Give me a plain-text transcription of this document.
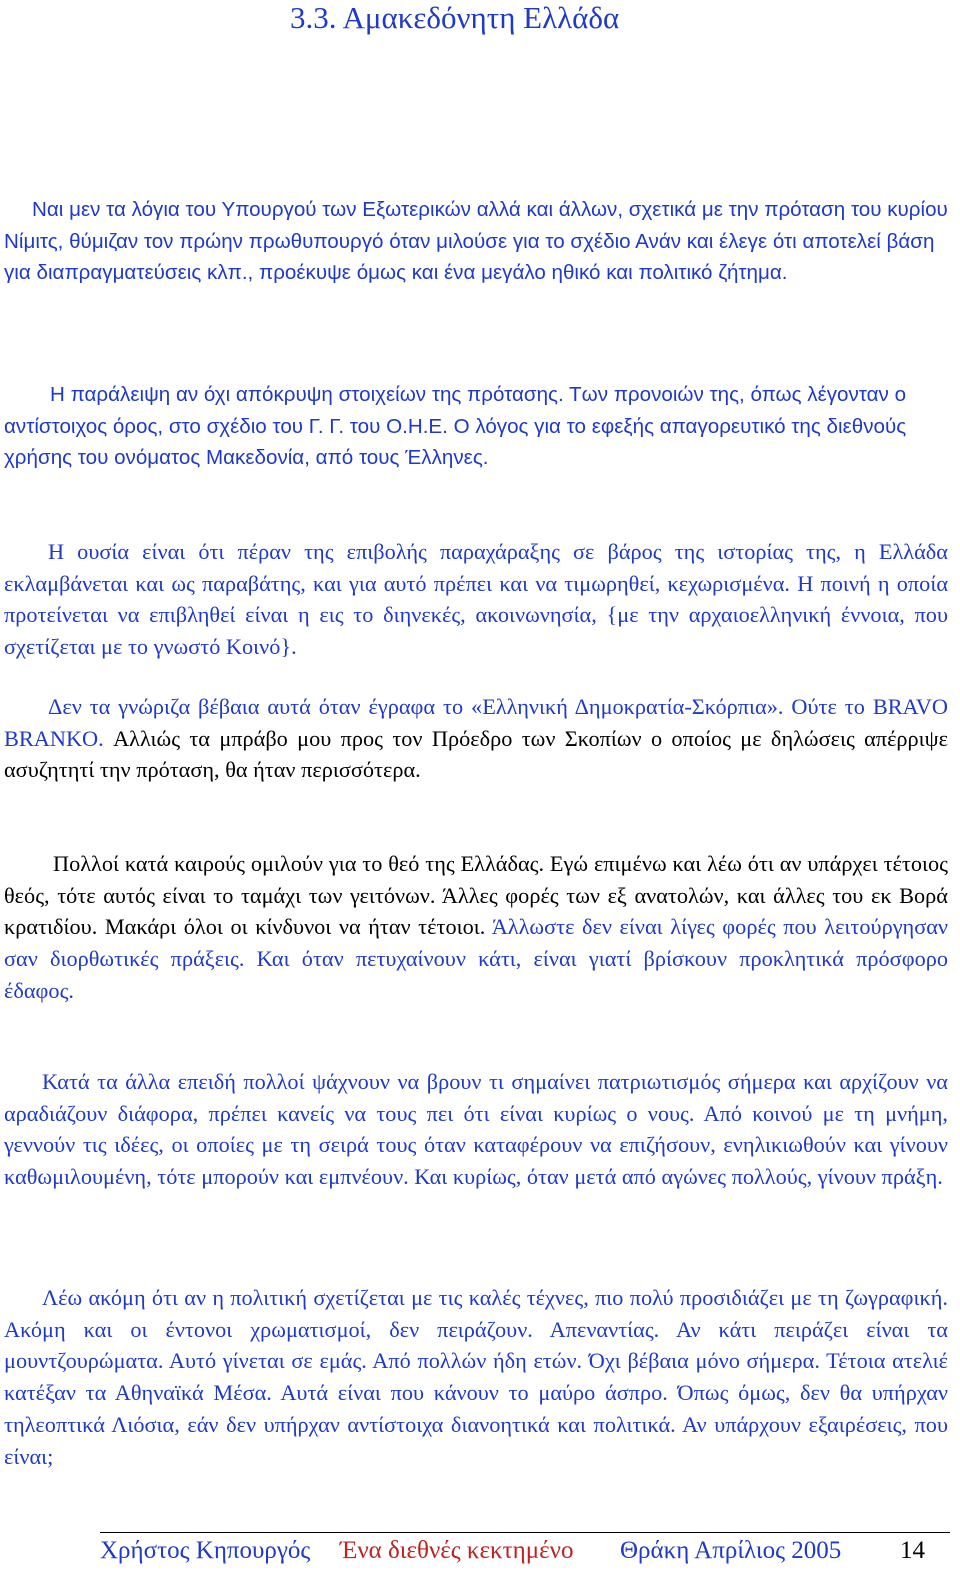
3.3. Αμακεδόνητη Ελλάδα

Ναι μεν τα λόγια του Υπουργού των Εξωτερικών αλλά και άλλων, σχετικά με την πρόταση του κυρίου Νίμιτς, θύμιζαν τον πρώην πρωθυπουργό όταν μιλούσε για το σχέδιο Ανάν και έλεγε ότι αποτελεί βάση για διαπραγματεύσεις κλπ., προέκυψε όμως και ένα μεγάλο ηθικό και πολιτικό ζήτημα.

Η παράλειψη αν όχι απόκρυψη στοιχείων της πρότασης. Των προνοιών της, όπως λέγονταν ο αντίστοιχος όρος, στο σχέδιο του Γ. Γ. του Ο.Η.Ε. Ο λόγος για το εφεξής απαγορευτικό της διεθνούς χρήσης του ονόματος Μακεδονία, από τους Έλληνες.

Η ουσία είναι ότι πέραν της επιβολής παραχάραξης σε βάρος της ιστορίας της, η Ελλάδα εκλαμβάνεται και ως παραβάτης, και για αυτό πρέπει και να τιμωρηθεί, κεχωρισμένα. Η ποινή η οποία προτείνεται να επιβληθεί είναι η εις το διηνεκές, ακοινωνησία, {με την αρχαιοελληνική έννοια, που σχετίζεται με το γνωστό Κοινό}.

Δεν τα γνώριζα βέβαια αυτά όταν έγραφα το «Ελληνική Δημοκρατία-Σκόρπια». Ούτε το BRAVO BRANKO. Αλλιώς τα μπράβο μου προς τον Πρόεδρο των Σκοπίων ο οποίος με δηλώσεις απέρριψε ασυζητητί την πρόταση, θα ήταν περισσότερα.

Πολλοί κατά καιρούς ομιλούν για το θεό της Ελλάδας. Εγώ επιμένω και λέω ότι αν υπάρχει τέτοιος θεός, τότε αυτός είναι το ταμάχι των γειτόνων. Άλλες φορές των εξ ανατολών, και άλλες του εκ Βορά κρατιδίου. Μακάρι όλοι οι κίνδυνοι να ήταν τέτοιοι. Άλλωστε δεν είναι λίγες φορές που λειτούργησαν σαν διορθωτικές πράξεις. Και όταν πετυχαίνουν κάτι, είναι γιατί βρίσκουν προκλητικά πρόσφορο έδαφος.

Κατά τα άλλα επειδή πολλοί ψάχνουν να βρουν τι σημαίνει πατριωτισμός σήμερα και αρχίζουν να αραδιάζουν διάφορα, πρέπει κανείς να τους πει ότι είναι κυρίως ο νους. Από κοινού με τη μνήμη, γεννούν τις ιδέες, οι οποίες με τη σειρά τους όταν καταφέρουν να επιζήσουν, ενηλικιωθούν και γίνουν καθωμιλουμένη, τότε μπορούν και εμπνέουν. Και κυρίως, όταν μετά από αγώνες πολλούς, γίνουν πράξη.

Λέω ακόμη ότι αν η πολιτική σχετίζεται με τις καλές τέχνες, πιο πολύ προσιδιάζει με τη ζωγραφική. Ακόμη και οι έντονοι χρωματισμοί, δεν πειράζουν. Απεναντίας. Αν κάτι πειράζει είναι τα μουντζουρώματα. Αυτό γίνεται σε εμάς. Από πολλών ήδη ετών. Όχι βέβαια μόνο σήμερα. Τέτοια ατελιέ κατέξαν τα Αθηναϊκά Μέσα. Αυτά είναι που κάνουν το μαύρο άσπρο. Όπως όμως, δεν θα υπήρχαν τηλεοπτικά Λιόσια, εάν δεν υπήρχαν αντίστοιχα διανοητικά και πολιτικά. Αν υπάρχουν εξαιρέσεις, που είναι;

Χρήστος Κηπουργός Ένα διεθνές κεκτημένο Θράκη Απρίλιος 2005 14
